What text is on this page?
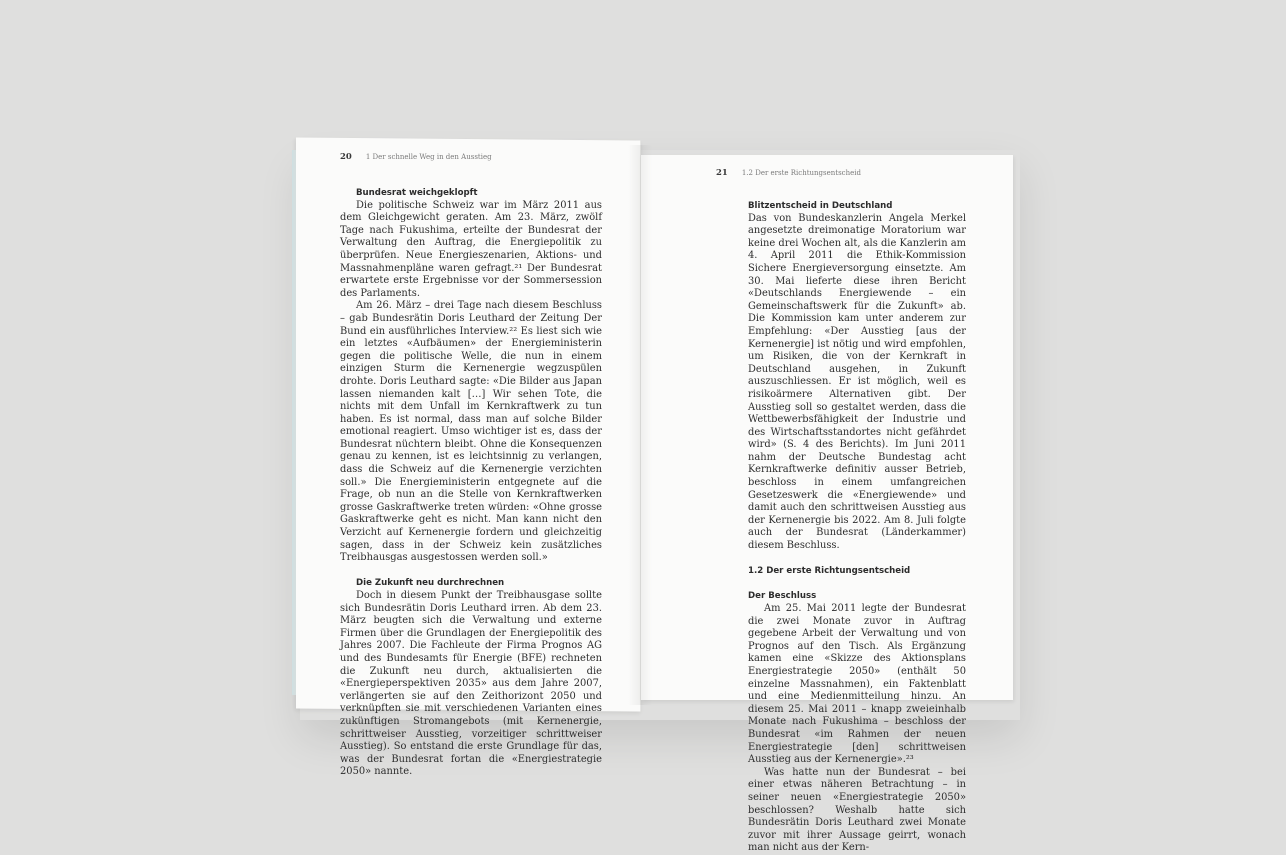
20 1 Der schnelle Weg in den Ausstieg
Bundesrat weichgeklopft

Die politische Schweiz war im März 2011 aus dem Gleichgewicht geraten. Am 23. März, zwölf Tage nach Fukushima, erteilte der Bundesrat der Verwaltung den Auftrag, die Energiepolitik zu überprüfen. Neue Energieszenarien, Aktions- und Massnahmenpläne waren gefragt.²¹ Der Bundesrat erwartete erste Ergebnisse vor der Sommersession des Parlaments.

Am 26. März – drei Tage nach diesem Beschluss – gab Bundesrätin Doris Leuthard der Zeitung Der Bund ein ausführliches Interview.²² Es liest sich wie ein letztes «Aufbäumen» der Energieministerin gegen die politische Welle, die nun in einem einzigen Sturm die Kernenergie wegzuspülen drohte. Doris Leuthard sagte: «Die Bilder aus Japan lassen niemanden kalt […] Wir sehen Tote, die nichts mit dem Unfall im Kernkraftwerk zu tun haben. Es ist normal, dass man auf solche Bilder emotional reagiert. Umso wichtiger ist es, dass der Bundesrat nüchtern bleibt. Ohne die Konsequenzen genau zu kennen, ist es leichtsinnig zu verlangen, dass die Schweiz auf die Kernenergie verzichten soll.» Die Energieministerin entgegnete auf die Frage, ob nun an die Stelle von Kernkraftwerken grosse Gaskraftwerke treten würden: «Ohne grosse Gaskraftwerke geht es nicht. Man kann nicht den Verzicht auf Kernenergie fordern und gleichzeitig sagen, dass in der Schweiz kein zusätzliches Treibhausgas ausgestossen werden soll.»

Die Zukunft neu durchrechnen

Doch in diesem Punkt der Treibhausgase sollte sich Bundesrätin Doris Leuthard irren. Ab dem 23. März beugten sich die Verwaltung und externe Firmen über die Grundlagen der Energiepolitik des Jahres 2007. Die Fachleute der Firma Prognos AG und des Bundesamts für Energie (BFE) rechneten die Zukunft neu durch, aktualisierten die «Energieperspektiven 2035» aus dem Jahre 2007, verlängerten sie auf den Zeithorizont 2050 und verknüpften sie mit verschiedenen Varianten eines zukünftigen Stromangebots (mit Kernenergie, schrittweiser Ausstieg, vorzeitiger schrittweiser Ausstieg). So entstand die erste Grundlage für das, was der Bundesrat fortan die «Energiestrategie 2050» nannte.

21 1.2 Der erste Richtungsentscheid
Blitzentscheid in Deutschland

Das von Bundeskanzlerin Angela Merkel angesetzte dreimonatige Moratorium war keine drei Wochen alt, als die Kanzlerin am 4. April 2011 die Ethik-Kommission Sichere Energieversorgung einsetzte. Am 30. Mai lieferte diese ihren Bericht «Deutschlands Energiewende – ein Gemeinschaftswerk für die Zukunft» ab. Die Kommission kam unter anderem zur Empfehlung: «Der Ausstieg [aus der Kernenergie] ist nötig und wird empfohlen, um Risiken, die von der Kernkraft in Deutschland ausgehen, in Zukunft auszuschliessen. Er ist möglich, weil es risikoärmere Alternativen gibt. Der Ausstieg soll so gestaltet werden, dass die Wettbewerbsfähigkeit der Industrie und des Wirtschaftsstandortes nicht gefährdet wird» (S. 4 des Berichts). Im Juni 2011 nahm der Deutsche Bundestag acht Kernkraftwerke definitiv ausser Betrieb, beschloss in einem umfangreichen Gesetzeswerk die «Energiewende» und damit auch den schrittweisen Ausstieg aus der Kernenergie bis 2022. Am 8. Juli folgte auch der Bundesrat (Länderkammer) diesem Beschluss.

1.2 Der erste Richtungsentscheid
Der Beschluss

Am 25. Mai 2011 legte der Bundesrat die zwei Monate zuvor in Auftrag gegebene Arbeit der Verwaltung und von Prognos auf den Tisch. Als Ergänzung kamen eine «Skizze des Aktionsplans Energiestrategie 2050» (enthält 50 einzelne Massnahmen), ein Faktenblatt und eine Medienmitteilung hinzu. An diesem 25. Mai 2011 – knapp zweieinhalb Monate nach Fukushima – beschloss der Bundesrat «im Rahmen der neuen Energiestrategie [den] schrittweisen Ausstieg aus der Kernenergie».²³

Was hatte nun der Bundesrat – bei einer etwas näheren Betrachtung – in seiner neuen «Energiestrategie 2050» beschlossen? Weshalb hatte sich Bundesrätin Doris Leuthard zwei Monate zuvor mit ihrer Aussage geirrt, wonach man nicht aus der Kern-
